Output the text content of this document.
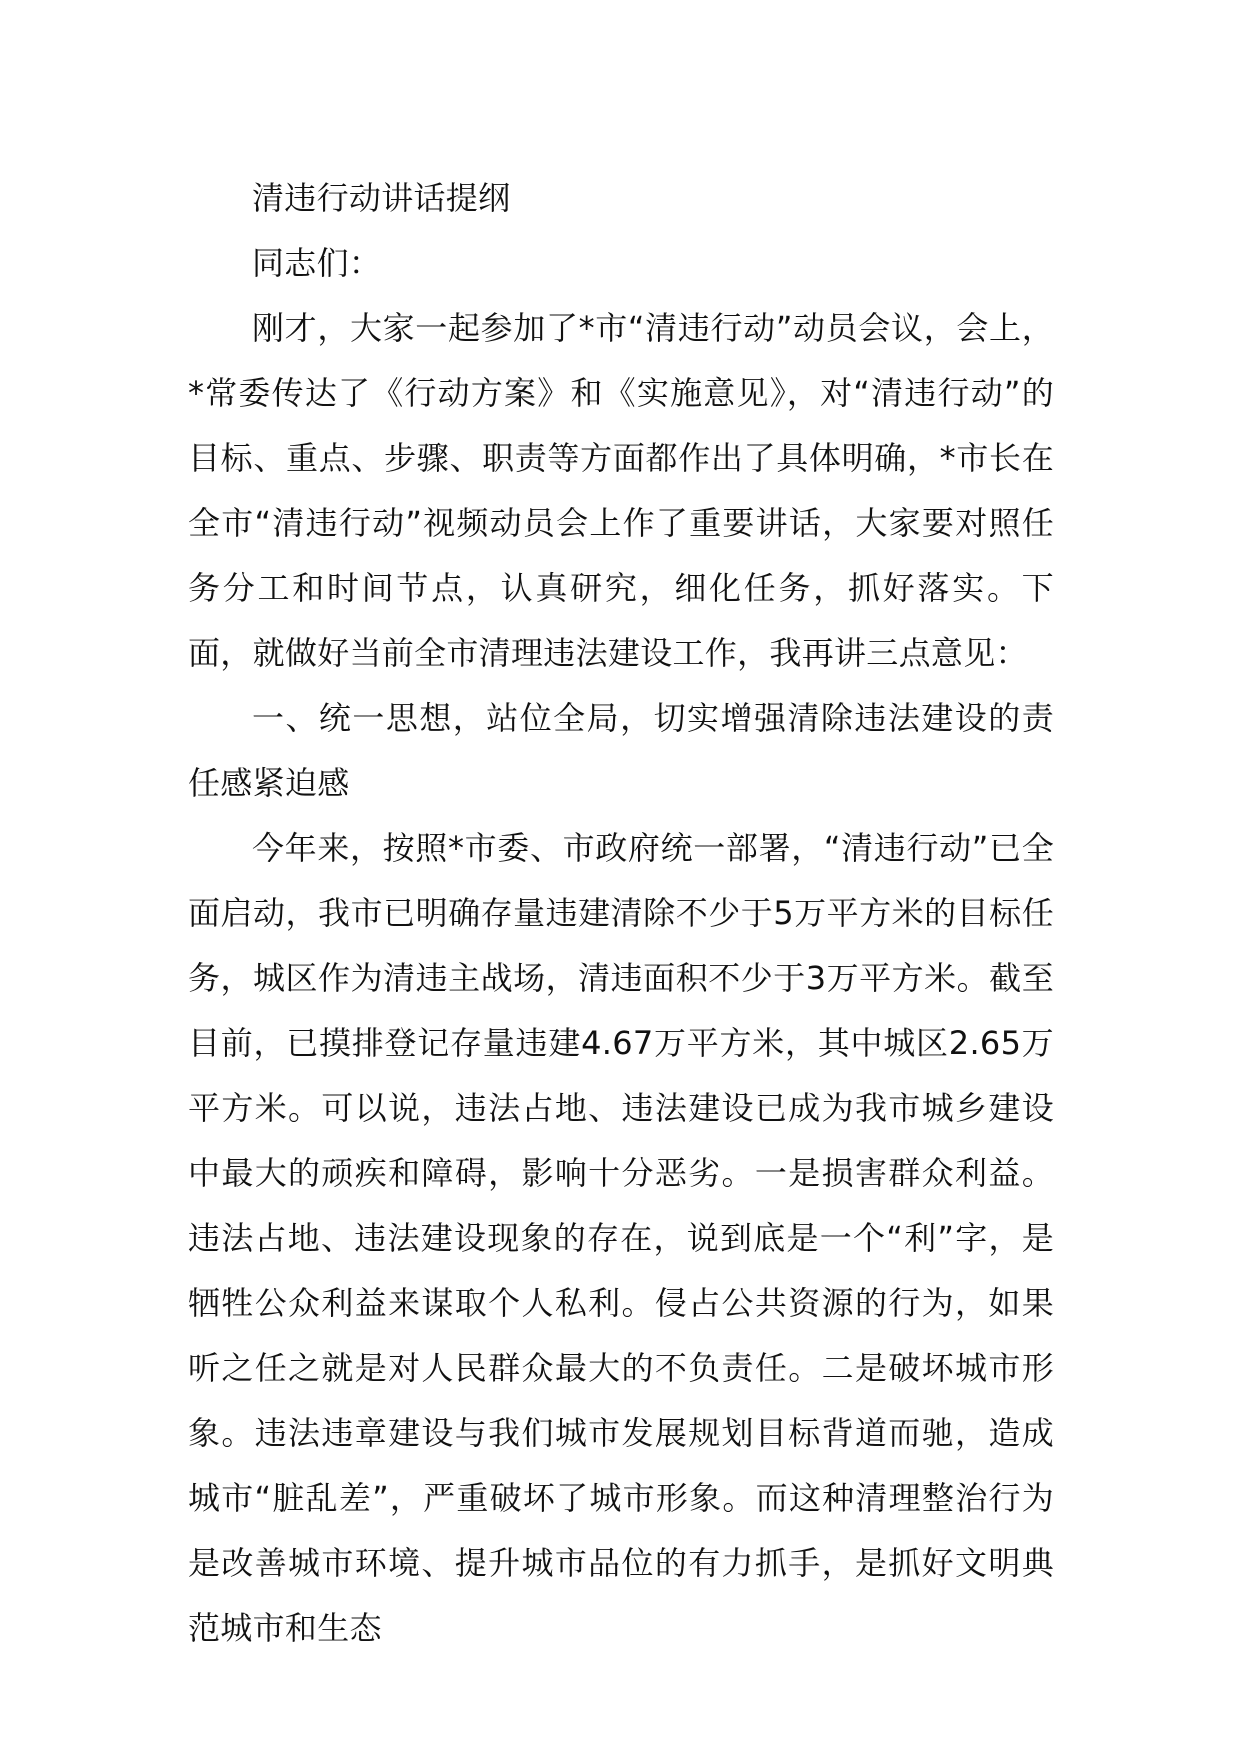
清违行动讲话提纲

同志们：

刚才，大家一起参加了*市“清违行动”动员会议，会上，*常委传达了《行动方案》和《实施意见》，对“清违行动”的目标、重点、步骤、职责等方面都作出了具体明确，*市长在全市“清违行动”视频动员会上作了重要讲话，大家要对照任务分工和时间节点，认真研究，细化任务，抓好落实。下面，就做好当前全市清理违法建设工作，我再讲三点意见：

一、统一思想，站位全局，切实增强清除违法建设的责任感紧迫感

今年来，按照*市委、市政府统一部署，“清违行动”已全面启动，我市已明确存量违建清除不少于5万平方米的目标任务，城区作为清违主战场，清违面积不少于3万平方米。截至目前，已摸排登记存量违建4.67万平方米，其中城区2.65万平方米。可以说，违法占地、违法建设已成为我市城乡建设中最大的顽疾和障碍，影响十分恶劣。一是损害群众利益。违法占地、违法建设现象的存在，说到底是一个“利”字，是牺牲公众利益来谋取个人私利。侵占公共资源的行为，如果听之任之就是对人民群众最大的不负责任。二是破坏城市形象。违法违章建设与我们城市发展规划目标背道而驰，造成城市“脏乱差”，严重破坏了城市形象。而这种清理整治行为是改善城市环境、提升城市品位的有力抓手，是抓好文明典范城市和生态
